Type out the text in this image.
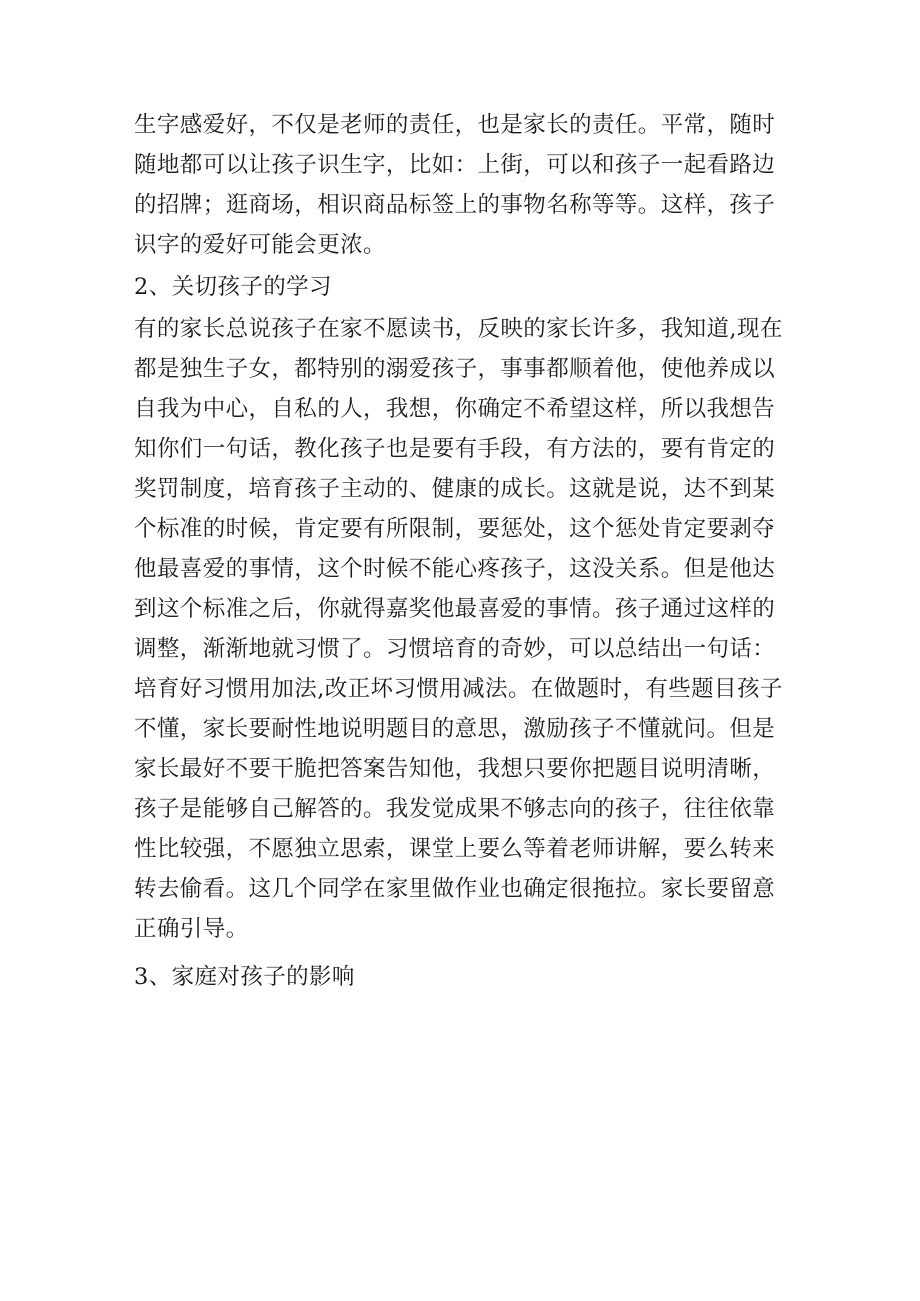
生字感爱好，不仅是老师的责任，也是家长的责任。平常，随时
随地都可以让孩子识生字，比如：上街，可以和孩子一起看路边
的招牌；逛商场，相识商品标签上的事物名称等等。这样，孩子
识字的爱好可能会更浓。
2、关切孩子的学习
有的家长总说孩子在家不愿读书，反映的家长许多，我知道,现在
都是独生子女，都特别的溺爱孩子，事事都顺着他，使他养成以
自我为中心，自私的人，我想，你确定不希望这样，所以我想告
知你们一句话，教化孩子也是要有手段，有方法的，要有肯定的
奖罚制度，培育孩子主动的、健康的成长。这就是说，达不到某
个标准的时候，肯定要有所限制，要惩处，这个惩处肯定要剥夺
他最喜爱的事情，这个时候不能心疼孩子，这没关系。但是他达
到这个标准之后，你就得嘉奖他最喜爱的事情。孩子通过这样的
调整，渐渐地就习惯了。习惯培育的奇妙，可以总结出一句话：
培育好习惯用加法,改正坏习惯用减法。在做题时，有些题目孩子
不懂，家长要耐性地说明题目的意思，激励孩子不懂就问。但是
家长最好不要干脆把答案告知他，我想只要你把题目说明清晰，
孩子是能够自己解答的。我发觉成果不够志向的孩子，往往依靠
性比较强，不愿独立思索，课堂上要么等着老师讲解，要么转来
转去偷看。这几个同学在家里做作业也确定很拖拉。家长要留意
正确引导。
3、家庭对孩子的影响
